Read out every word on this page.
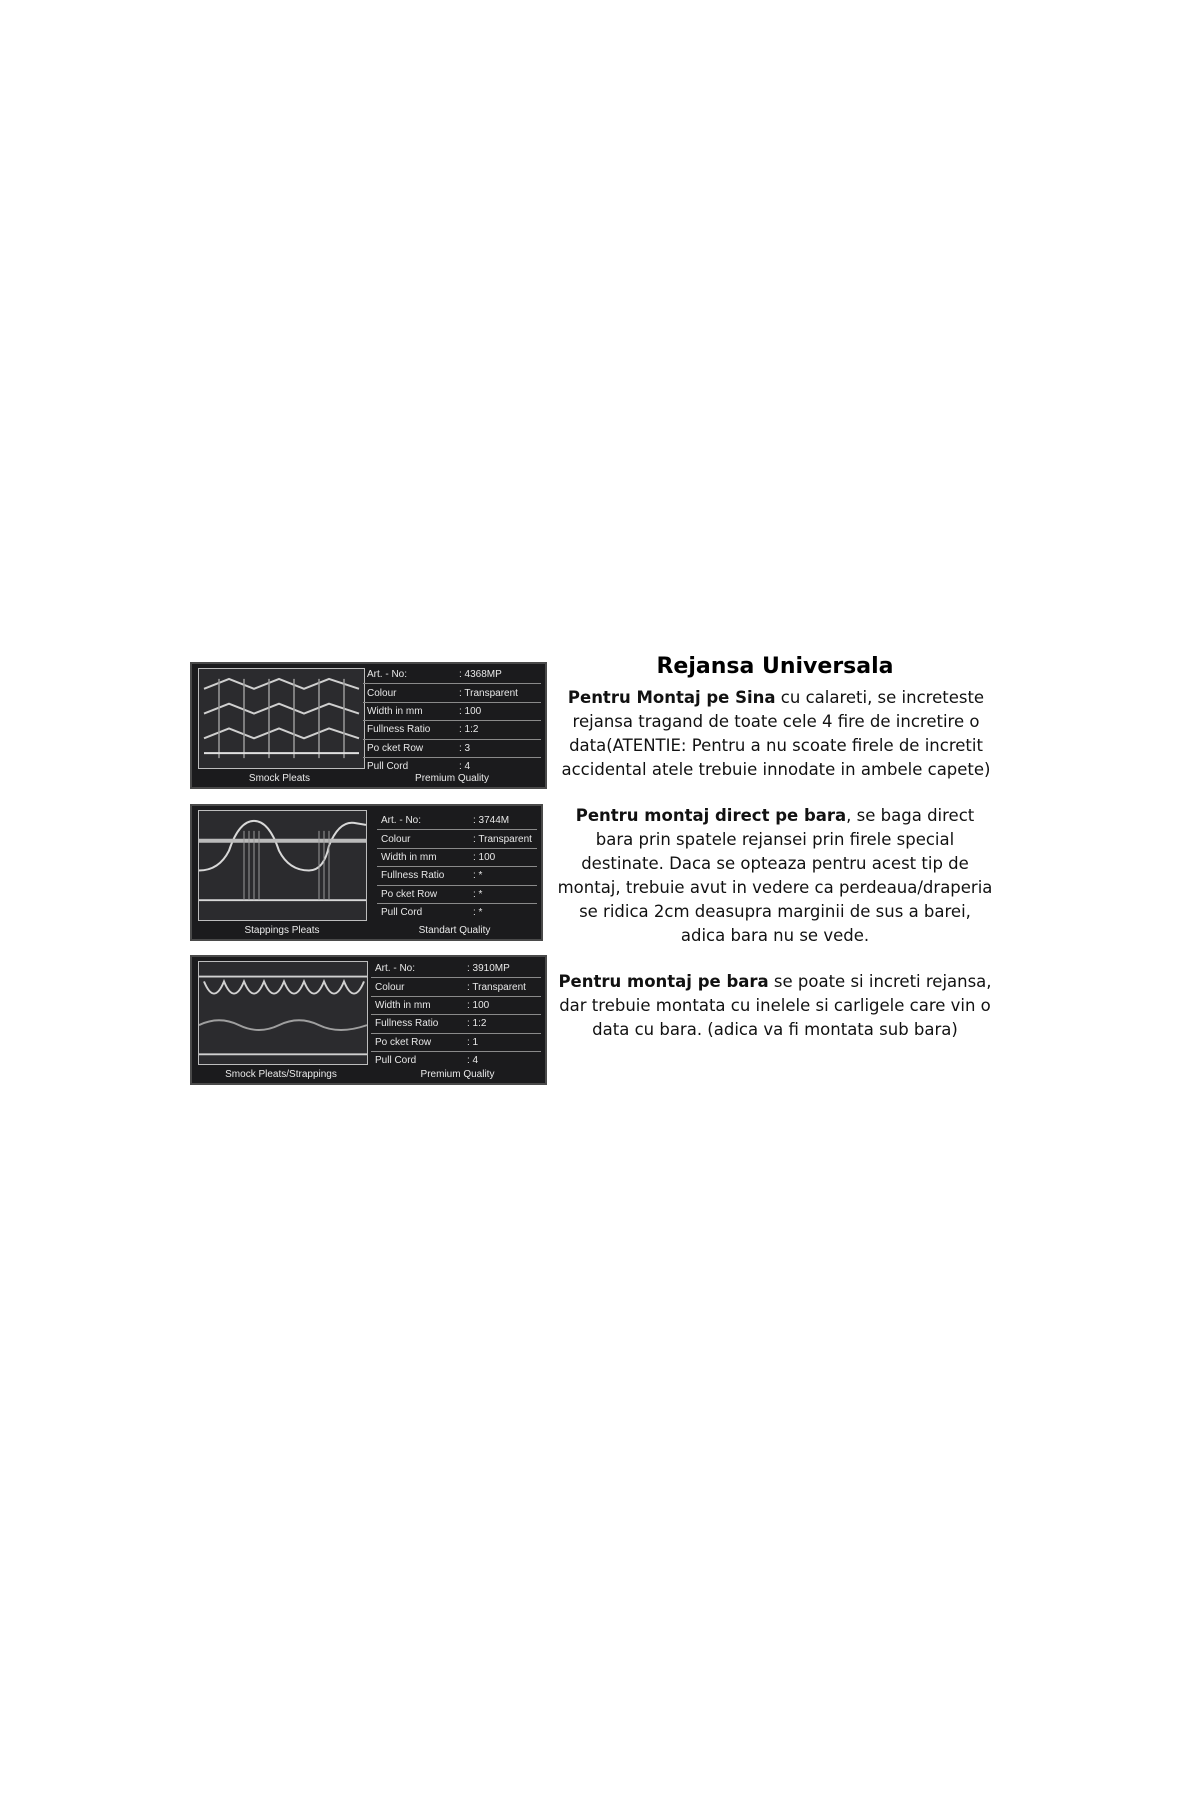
Art. - No:	: 4368MP
Colour	: Transparent
Width in mm	: 100
Fullness Ratio	: 1:2
Po cket Row	: 3
Pull Cord	: 4
Smock Pleats	Premium Quality
Art. - No:	: 3744M
Colour	: Transparent
Width in mm	: 100
Fullness Ratio	: *
Po cket Row	: *
Pull Cord	: *
Stappings Pleats	Standart Quality
Art. - No:	: 3910MP
Colour	: Transparent
Width in mm	: 100
Fullness Ratio	: 1:2
Po cket Row	: 1
Pull Cord	: 4
Smock Pleats/Strappings	Premium Quality
Rejansa Universala
Pentru Montaj pe Sina cu calareti, se increteste rejansa tragand de toate cele 4 fire de incretire o data(ATENTIE: Pentru a nu scoate firele de incretit accidental atele trebuie innodate in ambele capete)
Pentru montaj direct pe bara, se baga direct bara prin spatele rejansei prin firele special destinate. Daca se opteaza pentru acest tip de montaj, trebuie avut in vedere ca perdeaua/draperia se ridica 2cm deasupra marginii de sus a barei, adica bara nu se vede.
Pentru montaj pe bara se poate si increti rejansa, dar trebuie montata cu inelele si carligele care vin o data cu bara. (adica va fi montata sub bara)
